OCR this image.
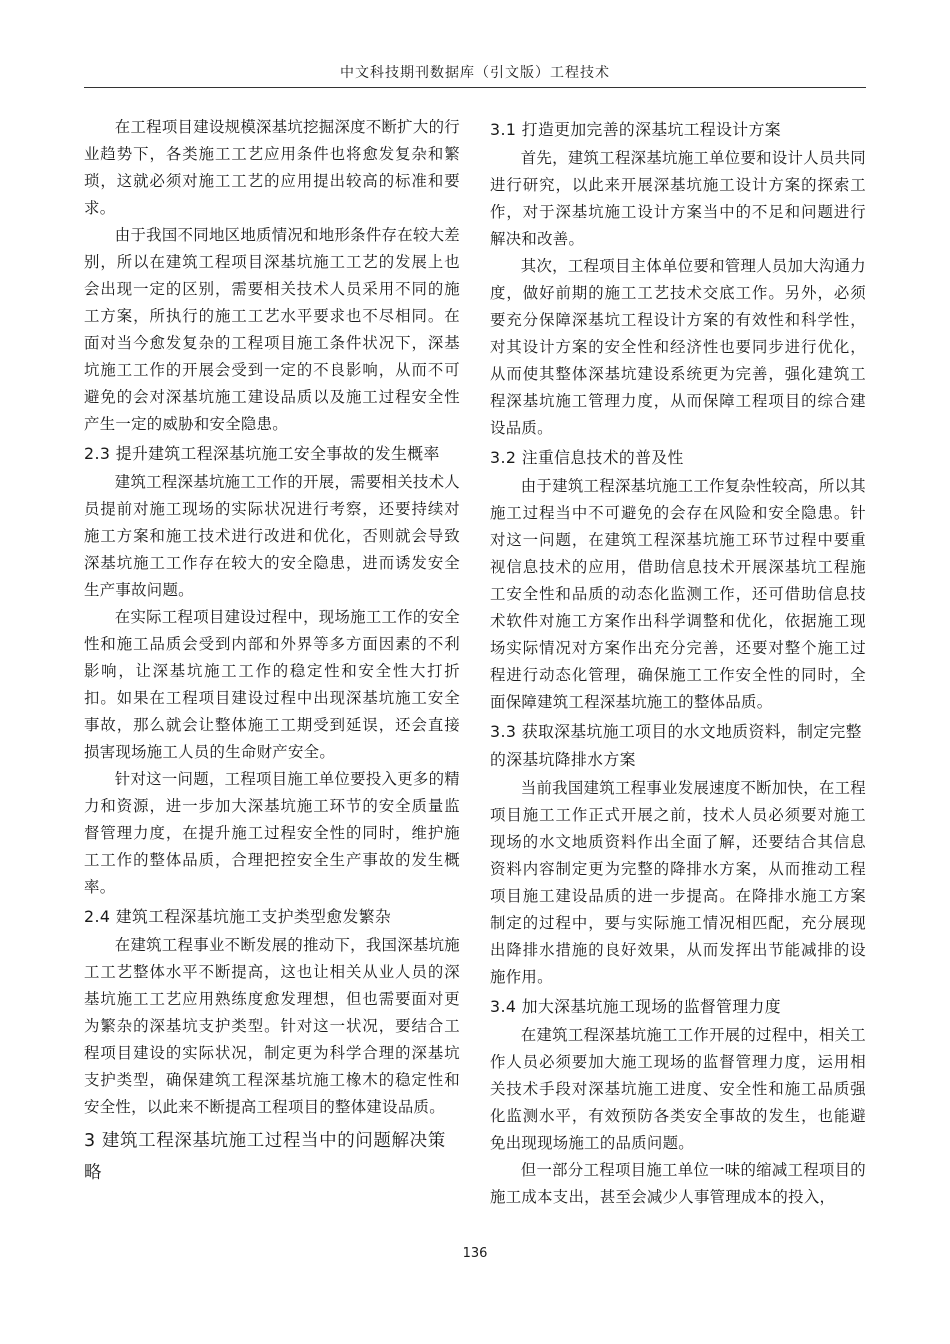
中文科技期刊数据库（引文版）工程技术

在工程项目建设规模深基坑挖掘深度不断扩大的行业趋势下，各类施工工艺应用条件也将愈发复杂和繁琐，这就必须对施工工艺的应用提出较高的标准和要求。

由于我国不同地区地质情况和地形条件存在较大差别，所以在建筑工程项目深基坑施工工艺的发展上也会出现一定的区别，需要相关技术人员采用不同的施工方案，所执行的施工工艺水平要求也不尽相同。在面对当今愈发复杂的工程项目施工条件状况下，深基坑施工工作的开展会受到一定的不良影响，从而不可避免的会对深基坑施工建设品质以及施工过程安全性产生一定的威胁和安全隐患。

2.3 提升建筑工程深基坑施工安全事故的发生概率

建筑工程深基坑施工工作的开展，需要相关技术人员提前对施工现场的实际状况进行考察，还要持续对施工方案和施工技术进行改进和优化，否则就会导致深基坑施工工作存在较大的安全隐患，进而诱发安全生产事故问题。

在实际工程项目建设过程中，现场施工工作的安全性和施工品质会受到内部和外界等多方面因素的不利影响，让深基坑施工工作的稳定性和安全性大打折扣。如果在工程项目建设过程中出现深基坑施工安全事故，那么就会让整体施工工期受到延误，还会直接损害现场施工人员的生命财产安全。

针对这一问题，工程项目施工单位要投入更多的精力和资源，进一步加大深基坑施工环节的安全质量监督管理力度，在提升施工过程安全性的同时，维护施工工作的整体品质，合理把控安全生产事故的发生概率。

2.4 建筑工程深基坑施工支护类型愈发繁杂

在建筑工程事业不断发展的推动下，我国深基坑施工工艺整体水平不断提高，这也让相关从业人员的深基坑施工工艺应用熟练度愈发理想，但也需要面对更为繁杂的深基坑支护类型。针对这一状况，要结合工程项目建设的实际状况，制定更为科学合理的深基坑支护类型，确保建筑工程深基坑施工橡木的稳定性和安全性，以此来不断提高工程项目的整体建设品质。

3 建筑工程深基坑施工过程当中的问题解决策略
3.1 打造更加完善的深基坑工程设计方案

首先，建筑工程深基坑施工单位要和设计人员共同进行研究，以此来开展深基坑施工设计方案的探索工作，对于深基坑施工设计方案当中的不足和问题进行解决和改善。

其次，工程项目主体单位要和管理人员加大沟通力度，做好前期的施工工艺技术交底工作。另外，必须要充分保障深基坑工程设计方案的有效性和科学性，对其设计方案的安全性和经济性也要同步进行优化，从而使其整体深基坑建设系统更为完善，强化建筑工程深基坑施工管理力度，从而保障工程项目的综合建设品质。

3.2 注重信息技术的普及性

由于建筑工程深基坑施工工作复杂性较高，所以其施工过程当中不可避免的会存在风险和安全隐患。针对这一问题，在建筑工程深基坑施工环节过程中要重视信息技术的应用，借助信息技术开展深基坑工程施工安全性和品质的动态化监测工作，还可借助信息技术软件对施工方案作出科学调整和优化，依据施工现场实际情况对方案作出充分完善，还要对整个施工过程进行动态化管理，确保施工工作安全性的同时，全面保障建筑工程深基坑施工的整体品质。

3.3 获取深基坑施工项目的水文地质资料，制定完整的深基坑降排水方案

当前我国建筑工程事业发展速度不断加快，在工程项目施工工作正式开展之前，技术人员必须要对施工现场的水文地质资料作出全面了解，还要结合其信息资料内容制定更为完整的降排水方案，从而推动工程项目施工建设品质的进一步提高。在降排水施工方案制定的过程中，要与实际施工情况相匹配，充分展现出降排水措施的良好效果，从而发挥出节能减排的设施作用。

3.4 加大深基坑施工现场的监督管理力度

在建筑工程深基坑施工工作开展的过程中，相关工作人员必须要加大施工现场的监督管理力度，运用相关技术手段对深基坑施工进度、安全性和施工品质强化监测水平，有效预防各类安全事故的发生，也能避免出现现场施工的品质问题。

但一部分工程项目施工单位一味的缩减工程项目的施工成本支出，甚至会减少人事管理成本的投入，

136
